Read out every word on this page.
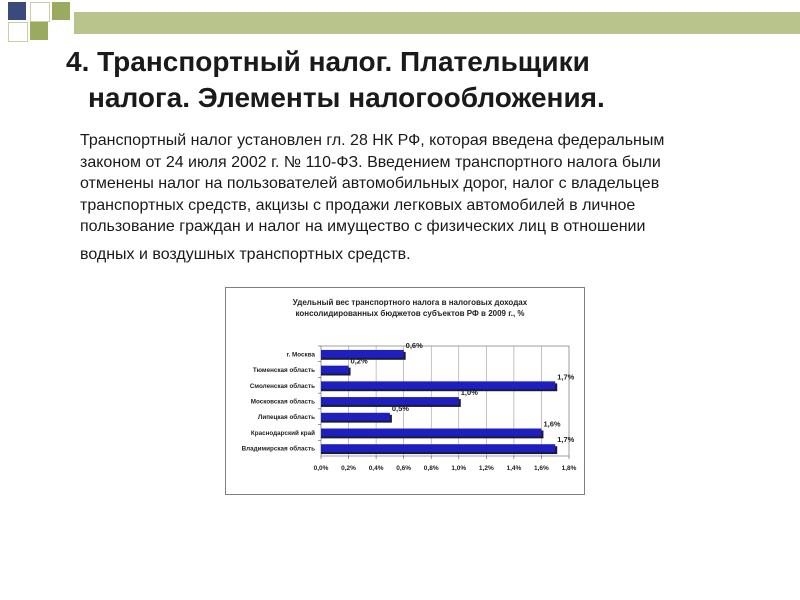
4. Транспортный налог. Плательщики
налога. Элементы налогообложения.
Транспортный налог установлен гл. 28 НК РФ, которая введена федеральным
законом от 24 июля 2002 г. № 110-ФЗ. Введением транспортного налога были
отменены налог на пользователей автомобильных дорог, налог с владельцев
транспортных средств, акцизы с продажи легковых автомобилей в личное
пользование граждан и налог на имущество с физических лиц в отношении
водных и воздушных транспортных средств.
Удельный вес транспортного налога в налоговых доходах
консолидированных бюджетов субъектов РФ в 2009 г., %
0,0% 0,2% 0,4% 0,6% 0,8% 1,0% 1,2% 1,4% 1,6% 1,8%
г. Москва
0,6%
Тюменская область
0,2%
Смоленская область
1,7%
Московская область
1,0%
Липецкая область
0,5%
Краснодарский край
1,6%
Владимирская область
1,7%
